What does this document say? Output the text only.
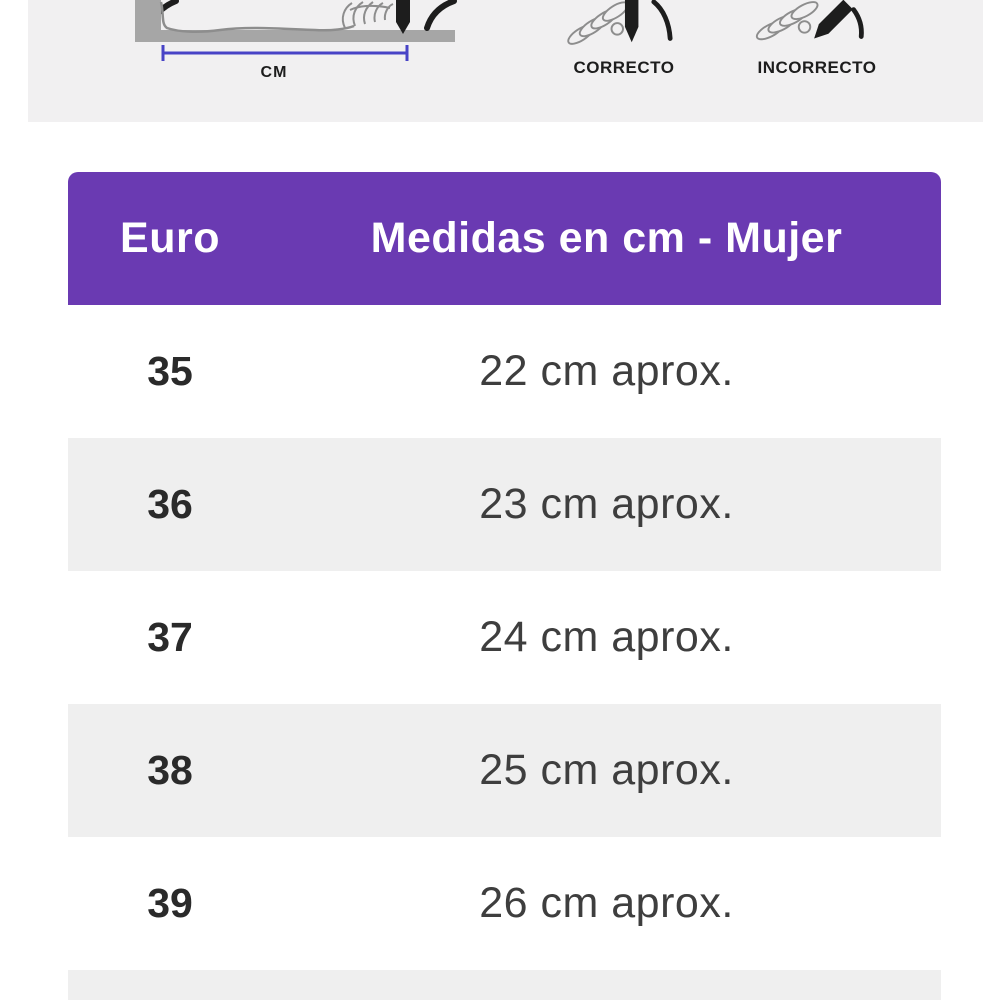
CM	CORRECTO	INCORRECTO
Euro	Medidas en cm - Mujer
35	22 cm aprox.
36	23 cm aprox.
37	24 cm aprox.
38	25 cm aprox.
39	26 cm aprox.
